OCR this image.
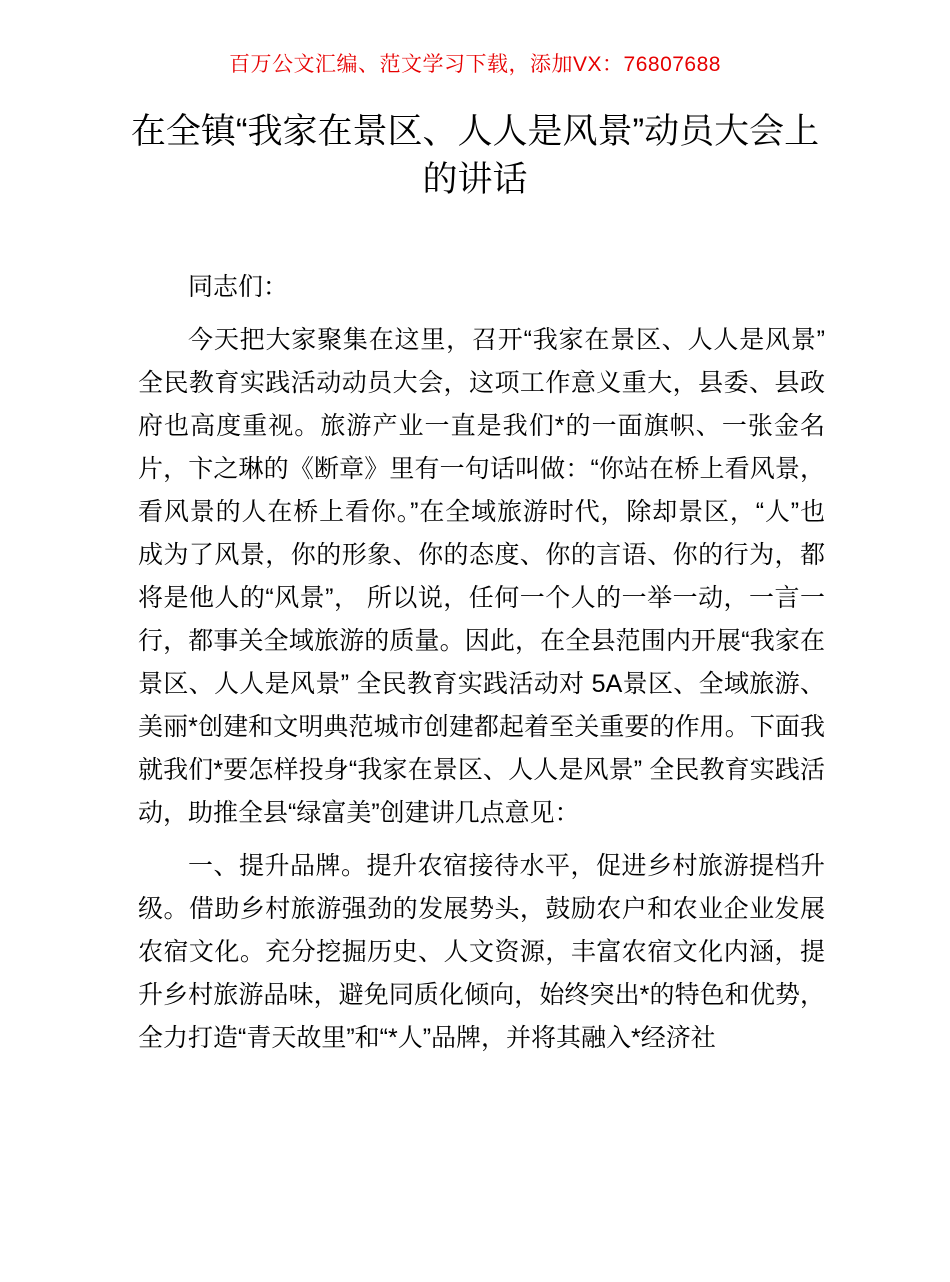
百万公文汇编、范文学习下载，添加VX：76807688
在全镇“我家在景区、人人是风景”动员大会上的讲话

同志们：

今天把大家聚集在这里，召开“我家在景区、人人是风景” 全民教育实践活动动员大会，这项工作意义重大，县委、县政府也高度重视。旅游产业一直是我们*的一面旗帜、一张金名片，卞之琳的《断章》里有一句话叫做：“你站在桥上看风景，看风景的人在桥上看你。”在全域旅游时代，除却景区，“人”也成为了风景，你的形象、你的态度、你的言语、你的行为，都将是他人的“风景”， 所以说，任何一个人的一举一动，一言一行，都事关全域旅游的质量。因此，在全县范围内开展“我家在景区、人人是风景” 全民教育实践活动对 5A景区、全域旅游、美丽*创建和文明典范城市创建都起着至关重要的作用。下面我就我们*要怎样投身“我家在景区、人人是风景” 全民教育实践活动，助推全县“绿富美”创建讲几点意见：

一、提升品牌。提升农宿接待水平，促进乡村旅游提档升级。借助乡村旅游强劲的发展势头，鼓励农户和农业企业发展农宿文化。充分挖掘历史、人文资源，丰富农宿文化内涵，提升乡村旅游品味，避免同质化倾向，始终突出*的特色和优势，全力打造“青天故里”和“*人”品牌，并将其融入*经济社
